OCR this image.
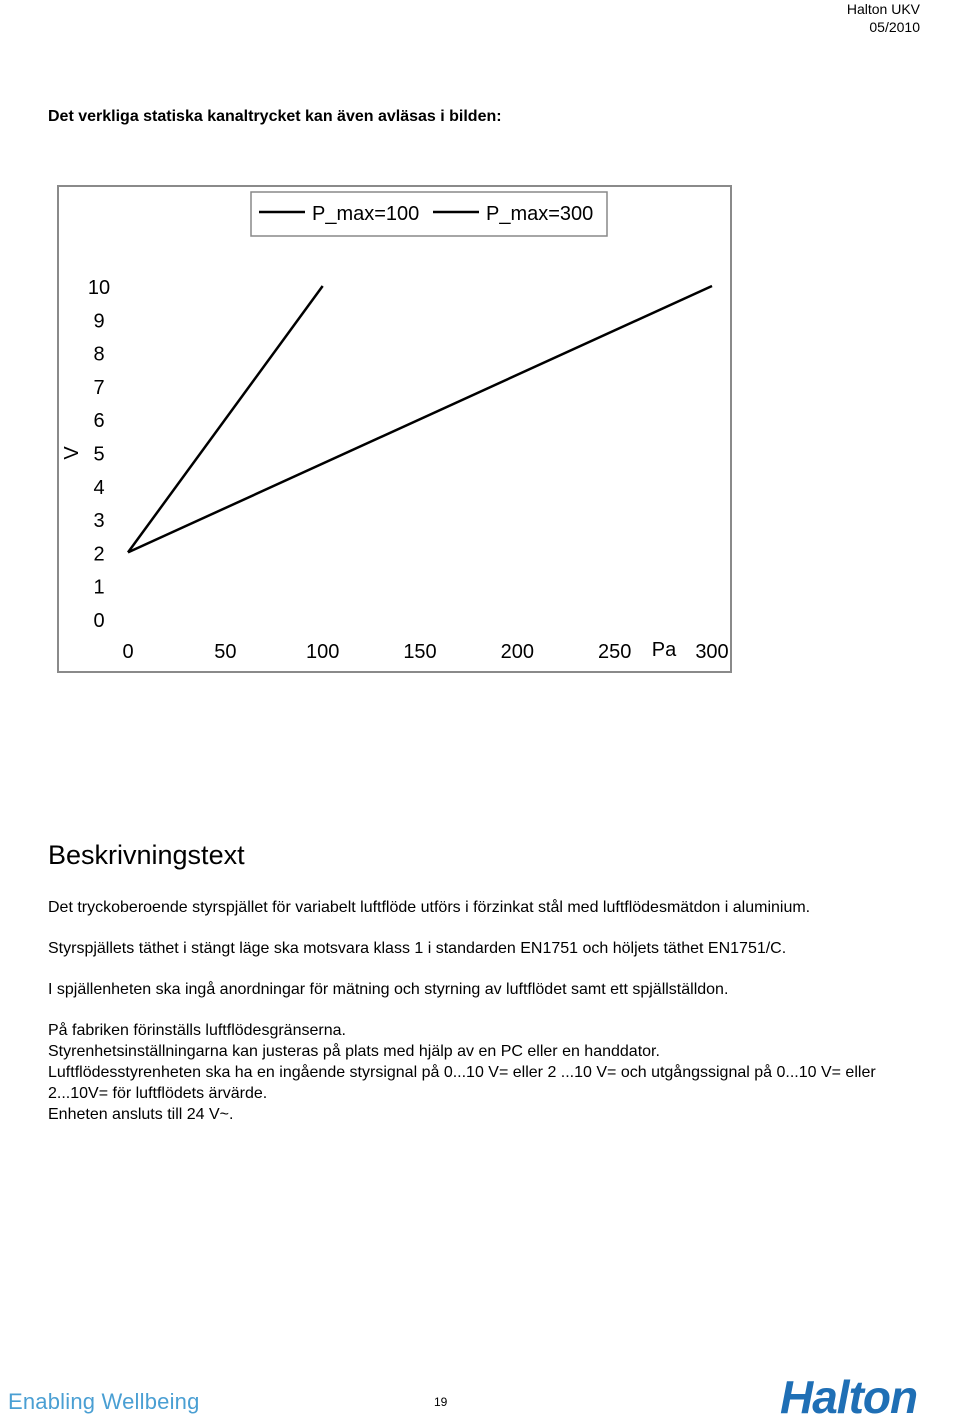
Halton UKV
05/2010
Det verkliga statiska kanaltrycket kan även avläsas i bilden:
P_max=100	P_max=300
0
1
2
3
4
5
6
7
8
9
10
0	50	100	150	200	250	300
Pa
V
Beskrivningstext

Det tryckoberoende styrspjället för variabelt luftflöde utförs i förzinkat stål med luftflödesmätdon i aluminium.

Styrspjällets täthet i stängt läge ska motsvara klass 1 i standarden EN1751 och höljets täthet EN1751/C.

I spjällenheten ska ingå anordningar för mätning och styrning av luftflödet samt ett spjällställdon.

På fabriken förinställs luftflödesgränserna.

Styrenhetsinställningarna kan justeras på plats med hjälp av en PC eller en handdator.

Luftflödesstyrenheten ska ha en ingående styrsignal på 0...10 V= eller 2 ...10 V= och utgångssignal på 0...10 V= eller 2...10V= för luftflödets ärvärde.

Enheten ansluts till 24 V~.

Enabling Wellbeing	19	Halton
